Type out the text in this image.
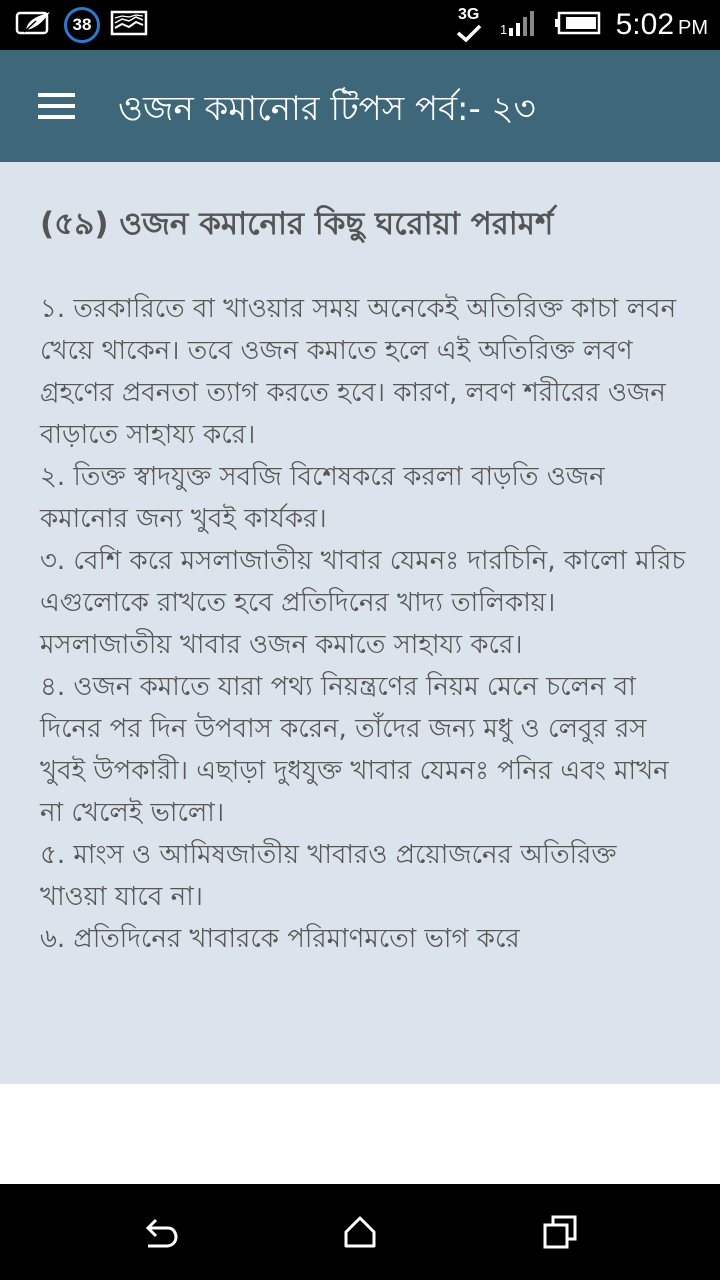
38
3G
1	5:02 PM
ওজন কমানোর টিপস পর্ব:- ২৩
(৫৯) ওজন কমানোর কিছু ঘরোয়া পরামর্শ

১. তরকারিতে বা খাওয়ার সময় অনেকেই অতিরিক্ত কাচা লবন খেয়ে থাকেন। তবে ওজন কমাতে হলে এই অতিরিক্ত লবণ গ্রহণের প্রবনতা ত্যাগ করতে হবে। কারণ, লবণ শরীরের ওজন বাড়াতে সাহায্য করে।

২. তিক্ত স্বাদযুক্ত সবজি বিশেষকরে করলা বাড়তি ওজন কমানোর জন্য খুবই কার্যকর।

৩. বেশি করে মসলাজাতীয় খাবার যেমনঃ দারচিনি, কালো মরিচ এগুলোকে রাখতে হবে প্রতিদিনের খাদ্য তালিকায়। মসলাজাতীয় খাবার ওজন কমাতে সাহায্য করে।

৪. ওজন কমাতে যারা পথ্য নিয়ন্ত্রণের নিয়ম মেনে চলেন বা দিনের পর দিন উপবাস করেন, তাঁদের জন্য মধু ও লেবুর রস খুবই উপকারী। এছাড়া দুধযুক্ত খাবার যেমনঃ পনির এবং মাখন না খেলেই ভালো।

৫. মাংস ও আমিষজাতীয় খাবারও প্রয়োজনের অতিরিক্ত খাওয়া যাবে না।

৬. প্রতিদিনের খাবারকে পরিমাণমতো ভাগ করে
